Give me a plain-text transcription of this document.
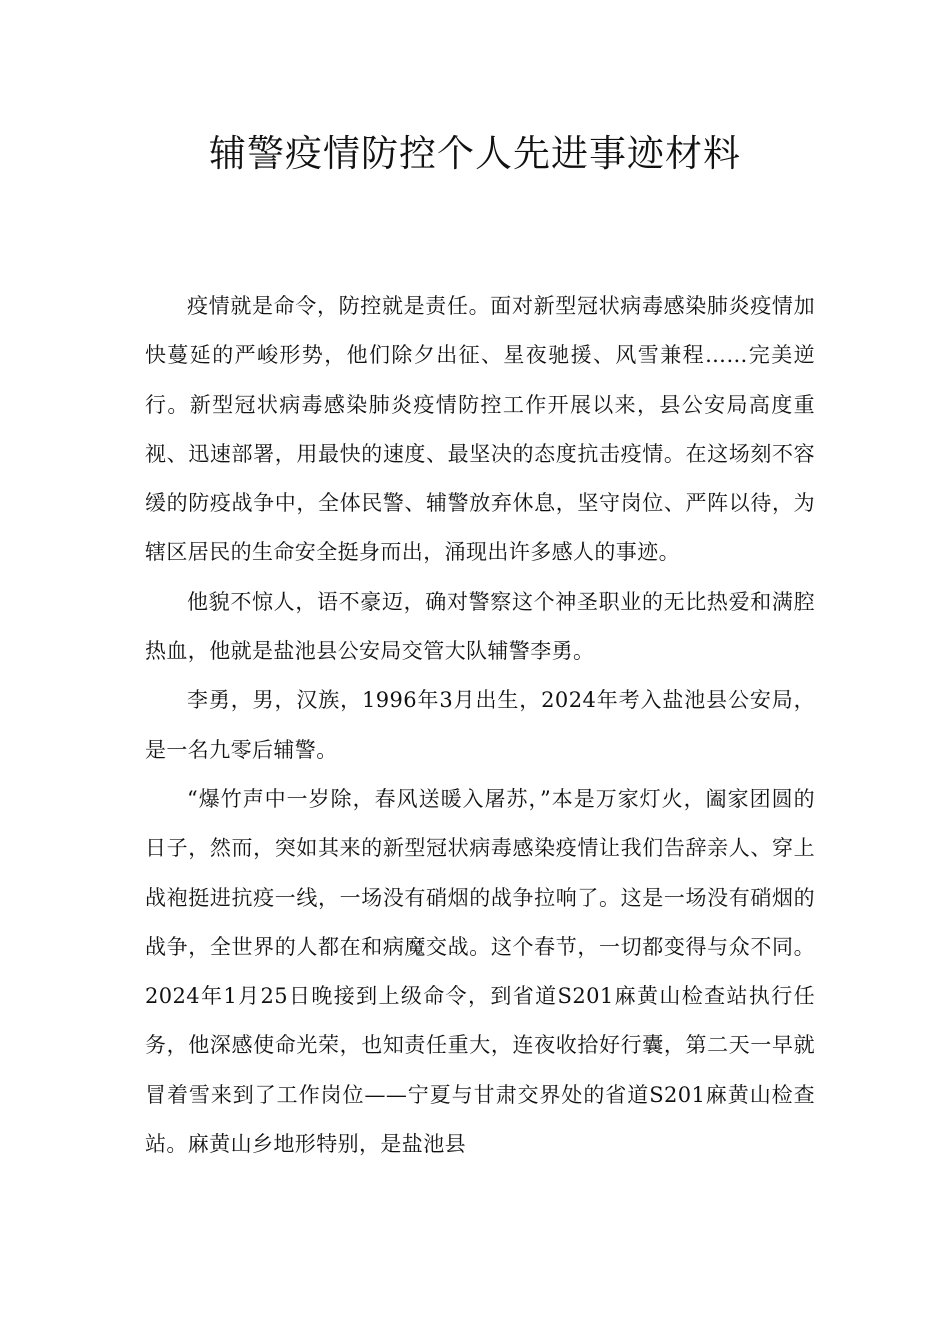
辅警疫情防控个人先进事迹材料

疫情就是命令，防控就是责任。面对新型冠状病毒感染肺炎疫情加快蔓延的严峻形势，他们除夕出征、星夜驰援、风雪兼程……完美逆行。新型冠状病毒感染肺炎疫情防控工作开展以来，县公安局高度重视、迅速部署，用最快的速度、最坚决的态度抗击疫情。在这场刻不容缓的防疫战争中，全体民警、辅警放弃休息，坚守岗位、严阵以待，为辖区居民的生命安全挺身而出，涌现出许多感人的事迹。

他貌不惊人，语不豪迈，确对警察这个神圣职业的无比热爱和满腔热血，他就是盐池县公安局交管大队辅警李勇。

李勇，男，汉族，1996年3月出生，2024年考入盐池县公安局，是一名九零后辅警。

“爆竹声中一岁除，春风送暖入屠苏，”本是万家灯火，阖家团圆的日子，然而，突如其来的新型冠状病毒感染疫情让我们告辞亲人、穿上战袍挺进抗疫一线，一场没有硝烟的战争拉响了。这是一场没有硝烟的战争，全世界的人都在和病魔交战。这个春节，一切都变得与众不同。2024年1月25日晚接到上级命令，到省道S201麻黄山检查站执行任务，他深感使命光荣，也知责任重大，连夜收拾好行囊，第二天一早就冒着雪来到了工作岗位——宁夏与甘肃交界处的省道S201麻黄山检查站。麻黄山乡地形特别，是盐池县
